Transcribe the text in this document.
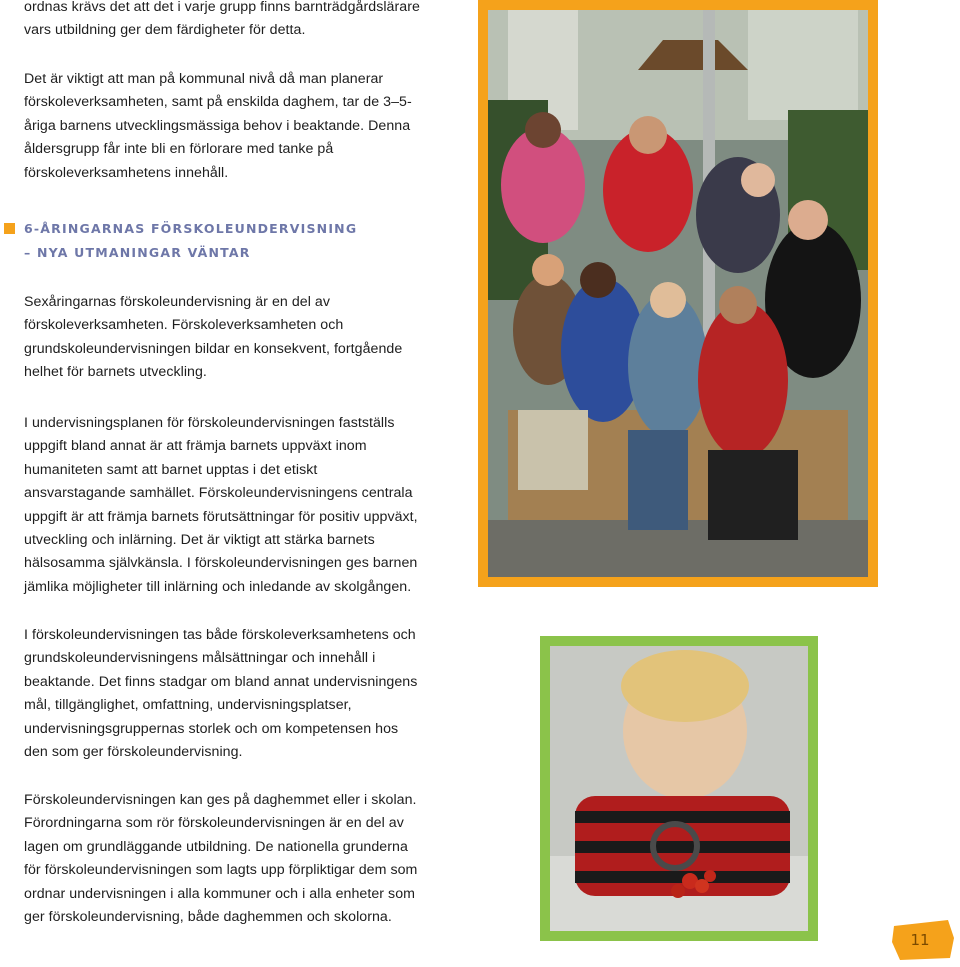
ordnas krävs det att det i varje grupp finns barnträdgårdslärare vars utbildning ger dem färdigheter för detta.

Det är viktigt att man på kommunal nivå då man planerar förskoleverksamheten, samt på enskilda daghem, tar de 3–5-åriga barnens utvecklingsmässiga behov i beaktande. Denna åldersgrupp får inte bli en förlorare med tanke på förskoleverksamhetens innehåll.

6-ÅRINGARNAS FÖRSKOLEUNDERVISNING
– NYA UTMANINGAR VÄNTAR

Sexåringarnas förskoleundervisning är en del av förskoleverksamheten. Förskoleverksamheten och grundskoleundervisningen bildar en konsekvent, fortgående helhet för barnets utveckling.

I undervisningsplanen för förskoleundervisningen fastställs uppgift bland annat är att främja barnets uppväxt inom humaniteten samt att barnet upptas i det etiskt ansvarstagande samhället. Förskoleundervisningens centrala uppgift är att främja barnets förutsättningar för positiv uppväxt, utveckling och inlärning. Det är viktigt att stärka barnets hälsosamma självkänsla. I förskoleundervisningen ges barnen jämlika möjligheter till inlärning och inledande av skolgången.

I förskoleundervisningen tas både förskoleverksamhetens och grundskoleundervisningens målsättningar och innehåll i beaktande. Det finns stadgar om bland annat undervisningens mål, tillgänglighet, omfattning, undervisningsplatser, undervisningsgruppernas storlek och om kompetensen hos den som ger förskoleundervisning.

Förskoleundervisningen kan ges på daghemmet eller i skolan. Förordningarna som rör förskoleundervisningen är en del av lagen om grundläggande utbildning. De nationella grunderna för förskoleundervisningen som lagts upp förpliktigar dem som ordnar undervisningen i alla kommuner och i alla enheter som ger förskoleundervisning, både daghemmen och skolorna.

11
